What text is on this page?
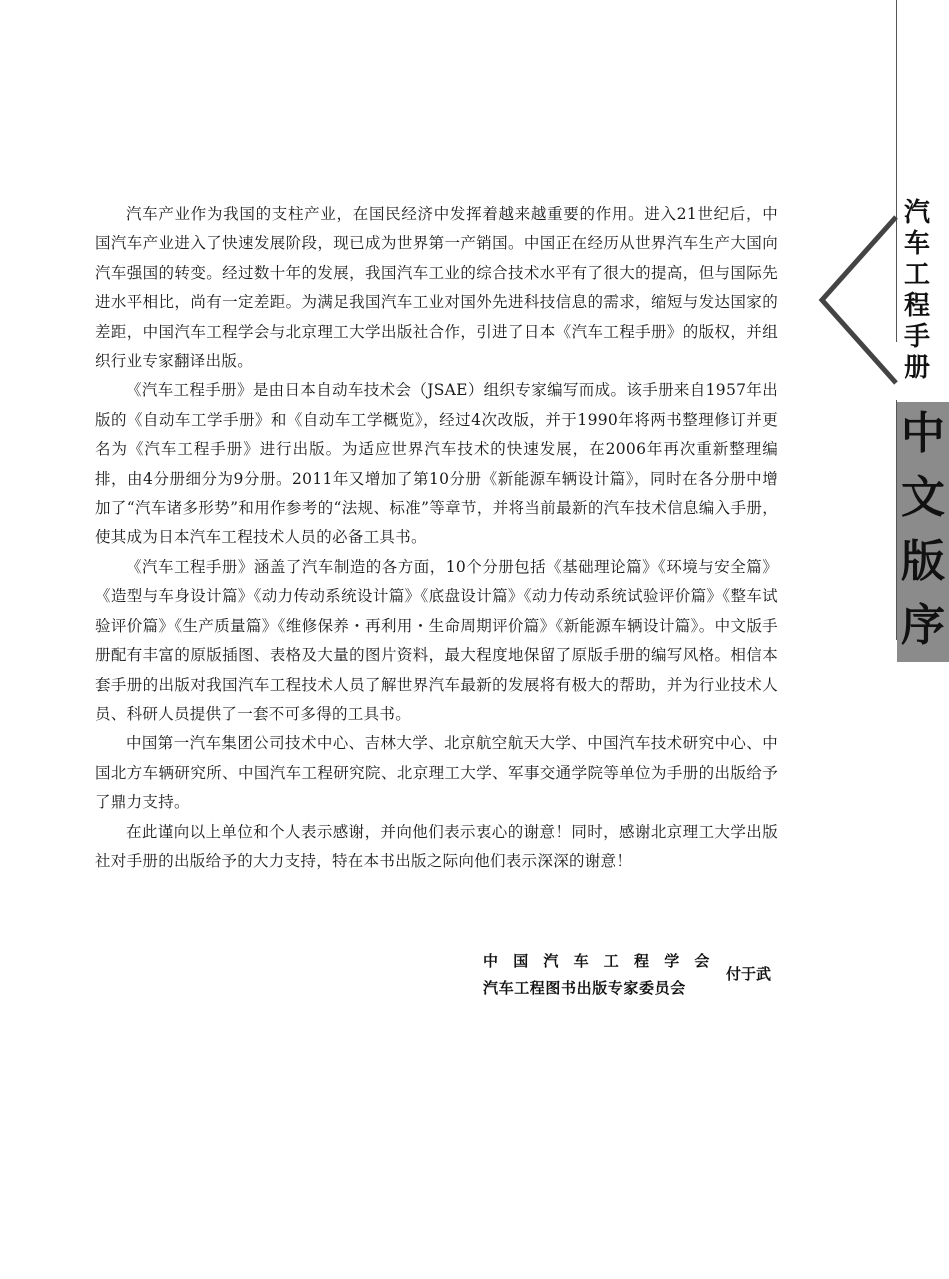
汽
车
工
程
手
册
中
文
版
序

汽车产业作为我国的支柱产业，在国民经济中发挥着越来越重要的作用。进入21世纪后，中国汽车产业进入了快速发展阶段，现已成为世界第一产销国。中国正在经历从世界汽车生产大国向汽车强国的转变。经过数十年的发展，我国汽车工业的综合技术水平有了很大的提高，但与国际先进水平相比，尚有一定差距。为满足我国汽车工业对国外先进科技信息的需求，缩短与发达国家的差距，中国汽车工程学会与北京理工大学出版社合作，引进了日本《汽车工程手册》的版权，并组织行业专家翻译出版。

《汽车工程手册》是由日本自动车技术会（JSAE）组织专家编写而成。该手册来自1957年出版的《自动车工学手册》和《自动车工学概览》，经过4次改版，并于1990年将两书整理修订并更名为《汽车工程手册》进行出版。为适应世界汽车技术的快速发展，在2006年再次重新整理编排，由4分册细分为9分册。2011年又增加了第10分册《新能源车辆设计篇》，同时在各分册中增加了“汽车诸多形势”和用作参考的“法规、标准”等章节，并将当前最新的汽车技术信息编入手册，使其成为日本汽车工程技术人员的必备工具书。

《汽车工程手册》涵盖了汽车制造的各方面，10个分册包括《基础理论篇》《环境与安全篇》《造型与车身设计篇》《动力传动系统设计篇》《底盘设计篇》《动力传动系统试验评价篇》《整车试验评价篇》《生产质量篇》《维修保养・再利用・生命周期评价篇》《新能源车辆设计篇》。中文版手册配有丰富的原版插图、表格及大量的图片资料，最大程度地保留了原版手册的编写风格。相信本套手册的出版对我国汽车工程技术人员了解世界汽车最新的发展将有极大的帮助，并为行业技术人员、科研人员提供了一套不可多得的工具书。

中国第一汽车集团公司技术中心、吉林大学、北京航空航天大学、中国汽车技术研究中心、中国北方车辆研究所、中国汽车工程研究院、北京理工大学、军事交通学院等单位为手册的出版给予了鼎力支持。

在此谨向以上单位和个人表示感谢，并向他们表示衷心的谢意！同时，感谢北京理工大学出版社对手册的出版给予的大力支持，特在本书出版之际向他们表示深深的谢意！

中国汽车工程学会
汽车工程图书出版专家委员会
付于武
